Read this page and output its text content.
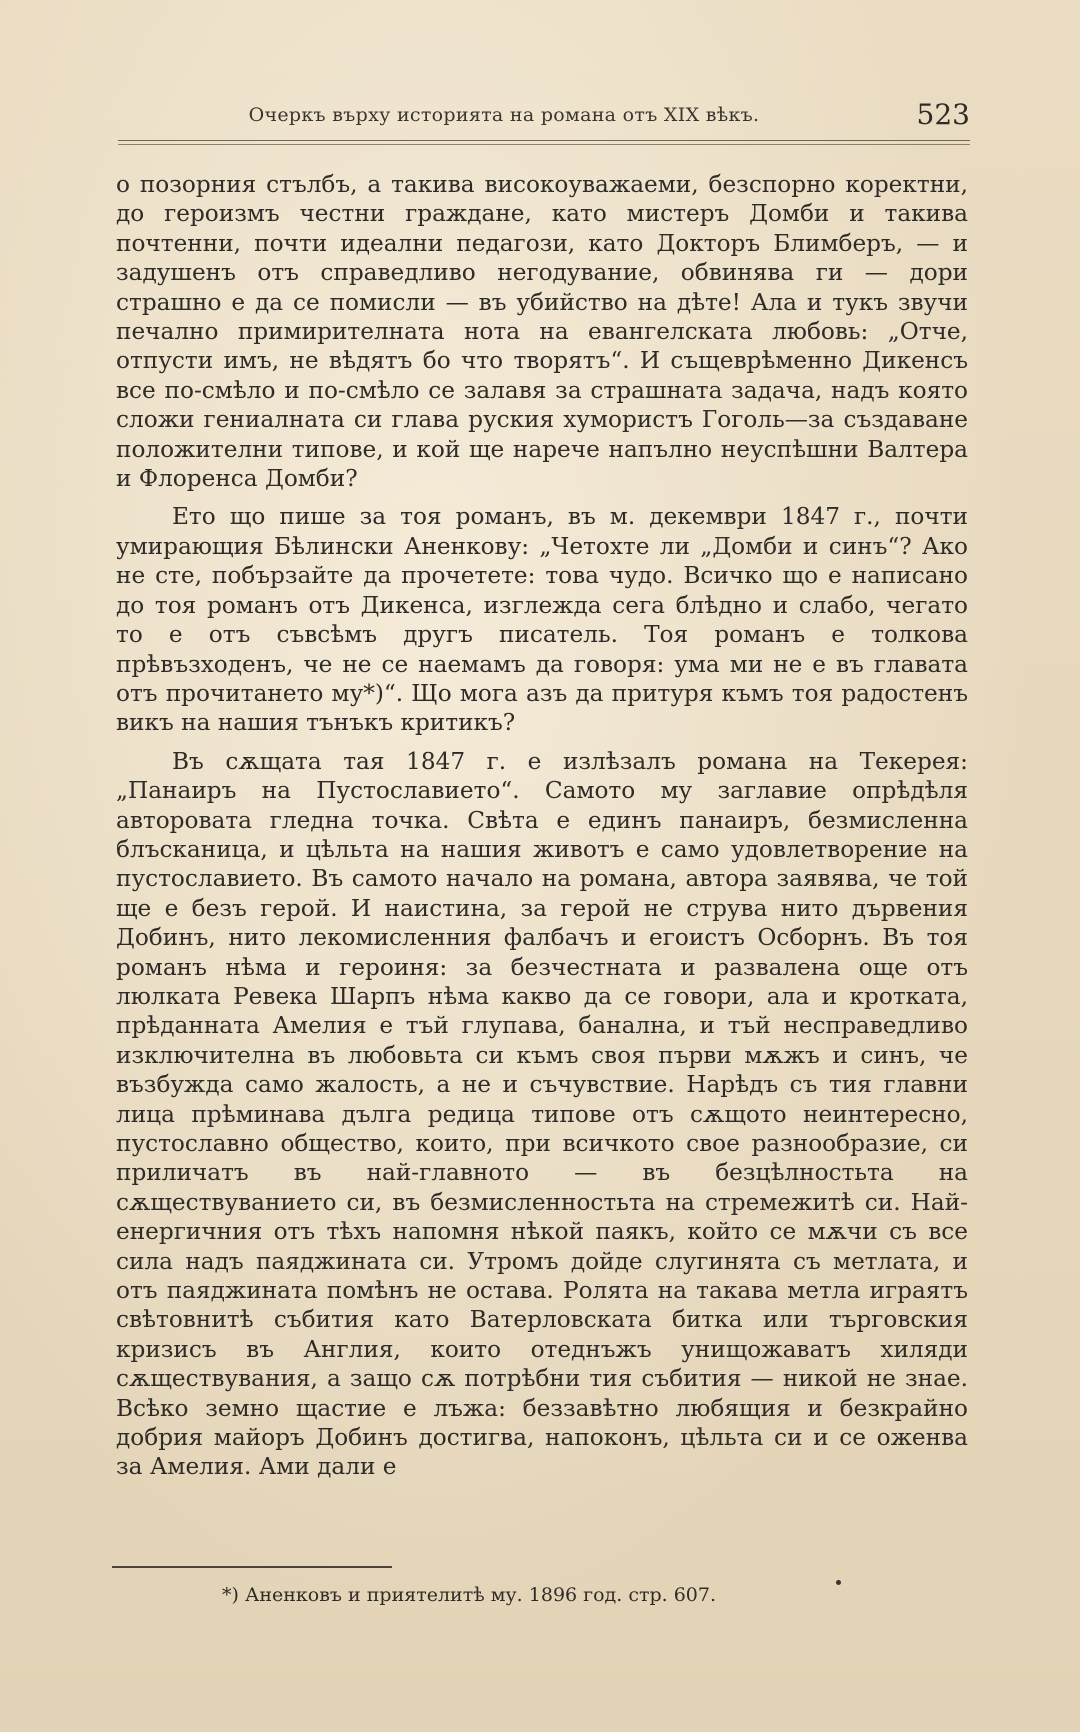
Очеркъ върху историята на романа отъ XIX вѣкъ.	523

о позорния стълбъ, а такива високоуважаеми, безспорно коректни, до героизмъ честни граждане, като мистеръ Домби и такива почтенни, почти идеални педагози, като Докторъ Блимберъ, — и задушенъ отъ справедливо негодувание, обвинява ги — дори страшно е да се помисли — въ убийство на дѣте! Ала и тукъ звучи печално примирителната нота на евангелската любовь: „Отче, отпусти имъ, не вѣдятъ бо что творятъ“. И същеврѣменно Дикенсъ все по-смѣло и по-смѣло се залавя за страшната задача, надъ която сложи гениалната си глава руския хумористъ Гоголь—за създаване положителни типове, и кой ще нарече напълно неуспѣшни Валтера и Флоренса Домби?

Ето що пише за тоя романъ, въ м. декември 1847 г., почти умирающия Бѣлински Аненкову: „Четохте ли „Домби и синъ“? Ако не сте, побързайте да прочетете: това чудо. Всичко що е написано до тоя романъ отъ Дикенса, изглежда сега блѣдно и слабо, чегато то е отъ съвсѣмъ другъ писатель. Тоя романъ е толкова прѣвъзходенъ, че не се наемамъ да говоря: ума ми не е въ главата отъ прочитането му*)“. Що мога азъ да притуря къмъ тоя радостенъ викъ на нашия тънъкъ критикъ?

Въ сѫщата тая 1847 г. е излѣзалъ романа на Текерея: „Панаиръ на Пустославието“. Самото му заглавие опрѣдѣля авторовата гледна точка. Свѣта е единъ панаиръ, безмисленна блъсканица, и цѣльта на нашия животъ е само удовлетворение на пустославието. Въ самото начало на романа, автора заявява, че той ще е безъ герой. И наистина, за герой не струва нито дървения Добинъ, нито лекомисленния фалбачъ и егоистъ Осборнъ. Въ тоя романъ нѣма и героиня: за безчестната и развалена още отъ люлката Ревека Шарпъ нѣма какво да се говори, ала и кротката, прѣданната Амелия е тъй глупава, банална, и тъй несправедливо изключителна въ любовьта си къмъ своя първи мѫжъ и синъ, че възбужда само жалость, а не и съчувствие. Нарѣдъ съ тия главни лица прѣминава дълга редица типове отъ сѫщото неинтересно, пустославно общество, които, при всичкото свое разнообразие, си приличатъ въ най-главното — въ безцѣлностьта на сѫществуванието си, въ безмисленностьта на стремежитѣ си. Най-енергичния отъ тѣхъ напомня нѣкой паякъ, който се мѫчи съ все сила надъ паяджината си. Утромъ дойде слугинята съ метлата, и отъ паяджината помѣнъ не остава. Ролята на такава метла играятъ свѣтовнитѣ събития като Ватерловската битка или търговския кризисъ въ Англия, които отеднъжъ унищожаватъ хиляди сѫществувания, а защо сѫ потрѣбни тия събития — никой не знае. Всѣко земно щастие е лъжа: беззавѣтно любящия и безкрайно добрия майоръ Добинъ достигва, напоконъ, цѣльта си и се оженва за Амелия. Ами дали е

*) Аненковъ и приятелитѣ му. 1896 год. стр. 607.
